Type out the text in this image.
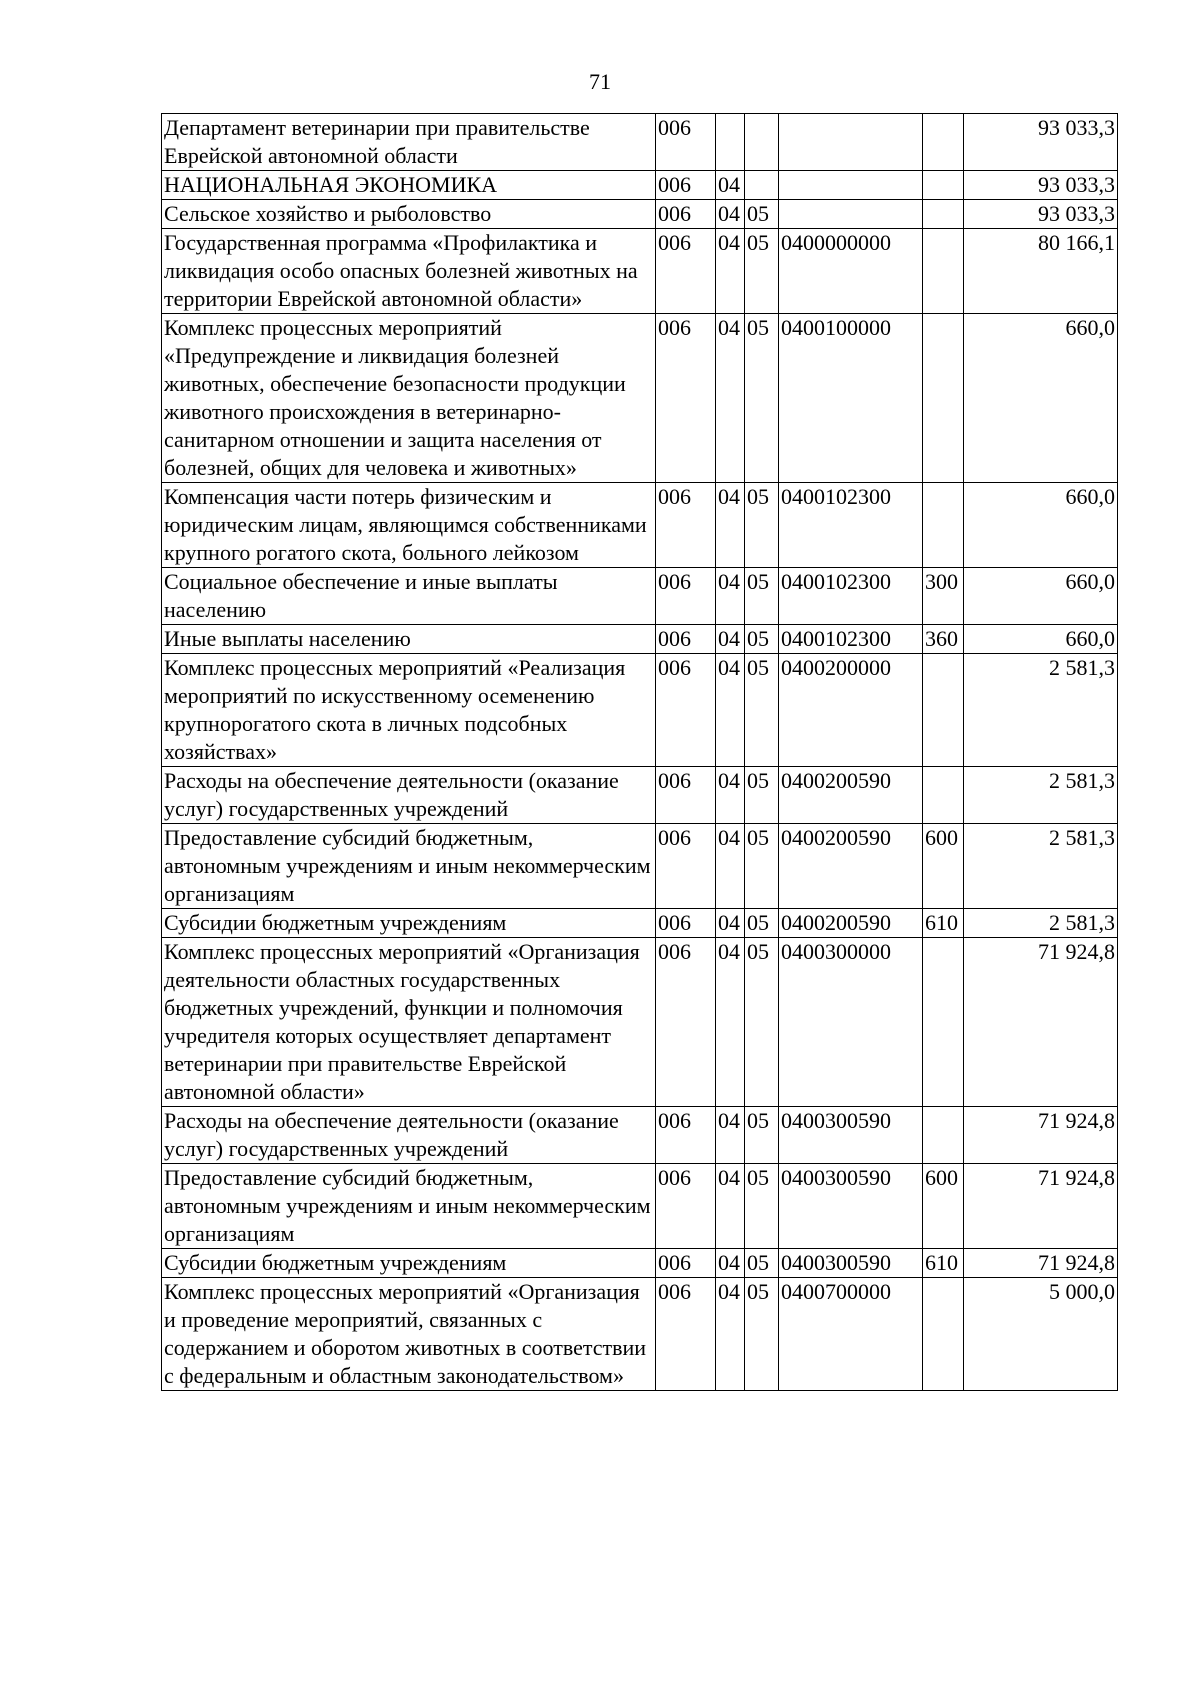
71
Департамент ветеринарии при правительстве Еврейской автономной области	006					93 033,3
НАЦИОНАЛЬНАЯ ЭКОНОМИКА	006	04				93 033,3
Сельское хозяйство и рыболовство	006	04	05			93 033,3
Государственная программа «Профилактика и ликвидация особо опасных болезней животных на территории Еврейской автономной области»	006	04	05	0400000000		80 166,1
Комплекс процессных мероприятий «Предупреждение и ликвидация болезней животных, обеспечение безопасности продукции животного происхождения в ветеринарно-санитарном отношении и защита населения от болезней, общих для человека и животных»	006	04	05	0400100000		660,0
Компенсация части потерь физическим и юридическим лицам, являющимся собственниками крупного рогатого скота, больного лейкозом	006	04	05	0400102300		660,0
Социальное обеспечение и иные выплаты населению	006	04	05	0400102300	300	660,0
Иные выплаты населению	006	04	05	0400102300	360	660,0
Комплекс процессных мероприятий «Реализация мероприятий по искусственному осеменению крупнорогатого скота в личных подсобных хозяйствах»	006	04	05	0400200000		2 581,3
Расходы на обеспечение деятельности (оказание услуг) государственных учреждений	006	04	05	0400200590		2 581,3
Предоставление субсидий бюджетным, автономным учреждениям и иным некоммерческим организациям	006	04	05	0400200590	600	2 581,3
Субсидии бюджетным учреждениям	006	04	05	0400200590	610	2 581,3
Комплекс процессных мероприятий «Организация деятельности областных государственных бюджетных учреждений, функции и полномочия учредителя которых осуществляет департамент ветеринарии при правительстве Еврейской автономной области»	006	04	05	0400300000		71 924,8
Расходы на обеспечение деятельности (оказание услуг) государственных учреждений	006	04	05	0400300590		71 924,8
Предоставление субсидий бюджетным, автономным учреждениям и иным некоммерческим организациям	006	04	05	0400300590	600	71 924,8
Субсидии бюджетным учреждениям	006	04	05	0400300590	610	71 924,8
Комплекс процессных мероприятий «Организация и проведение мероприятий, связанных с содержанием и оборотом животных в соответствии с федеральным и областным законодательством»	006	04	05	0400700000		5 000,0
